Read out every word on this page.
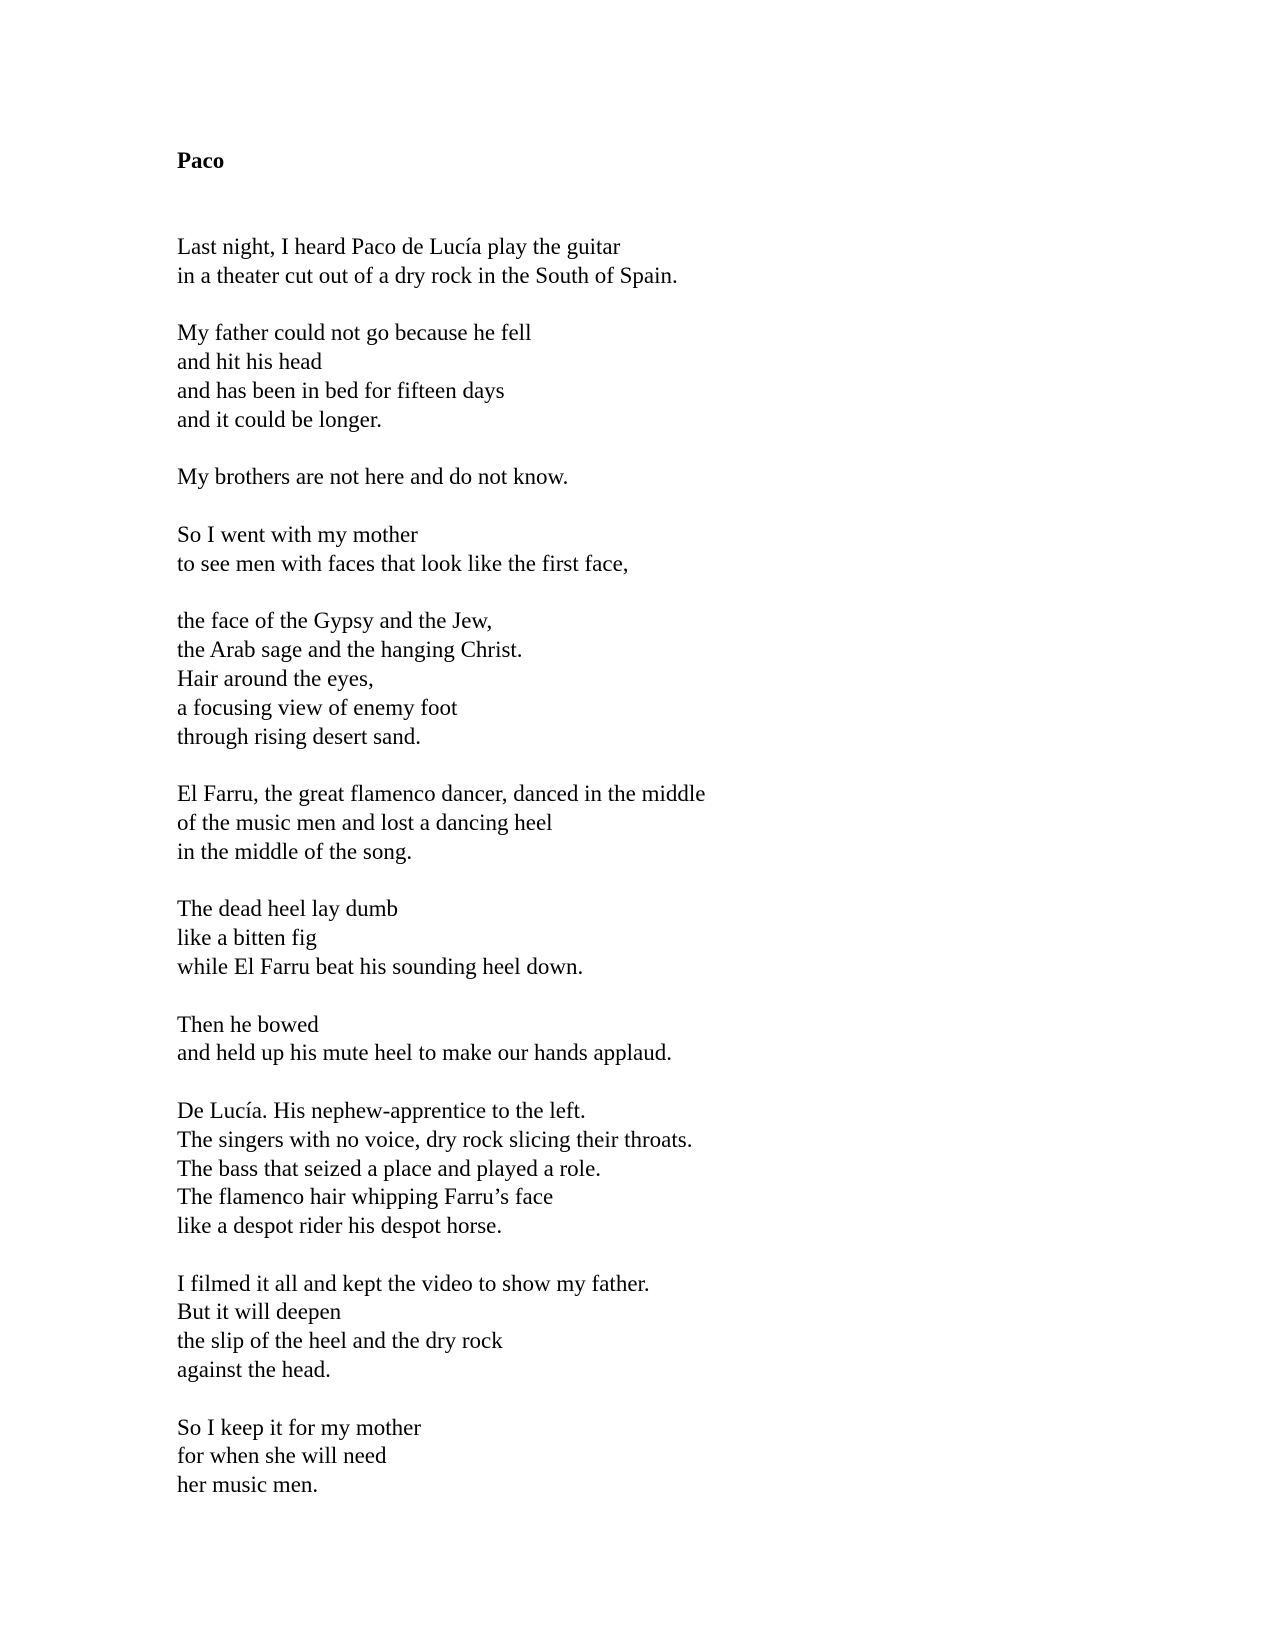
Paco
Last night, I heard Paco de Lucía play the guitar
in a theater cut out of a dry rock in the South of Spain.
My father could not go because he fell
and hit his head
and has been in bed for fifteen days
and it could be longer.
My brothers are not here and do not know.
So I went with my mother
to see men with faces that look like the first face,
the face of the Gypsy and the Jew,
the Arab sage and the hanging Christ.
Hair around the eyes,
a focusing view of enemy foot
through rising desert sand.
El Farru, the great flamenco dancer, danced in the middle
of the music men and lost a dancing heel
in the middle of the song.
The dead heel lay dumb
like a bitten fig
while El Farru beat his sounding heel down.
Then he bowed
and held up his mute heel to make our hands applaud.
De Lucía. His nephew-apprentice to the left.
The singers with no voice, dry rock slicing their throats.
The bass that seized a place and played a role.
The flamenco hair whipping Farru’s face
like a despot rider his despot horse.
I filmed it all and kept the video to show my father.
But it will deepen
the slip of the heel and the dry rock
against the head.
So I keep it for my mother
for when she will need
her music men.
